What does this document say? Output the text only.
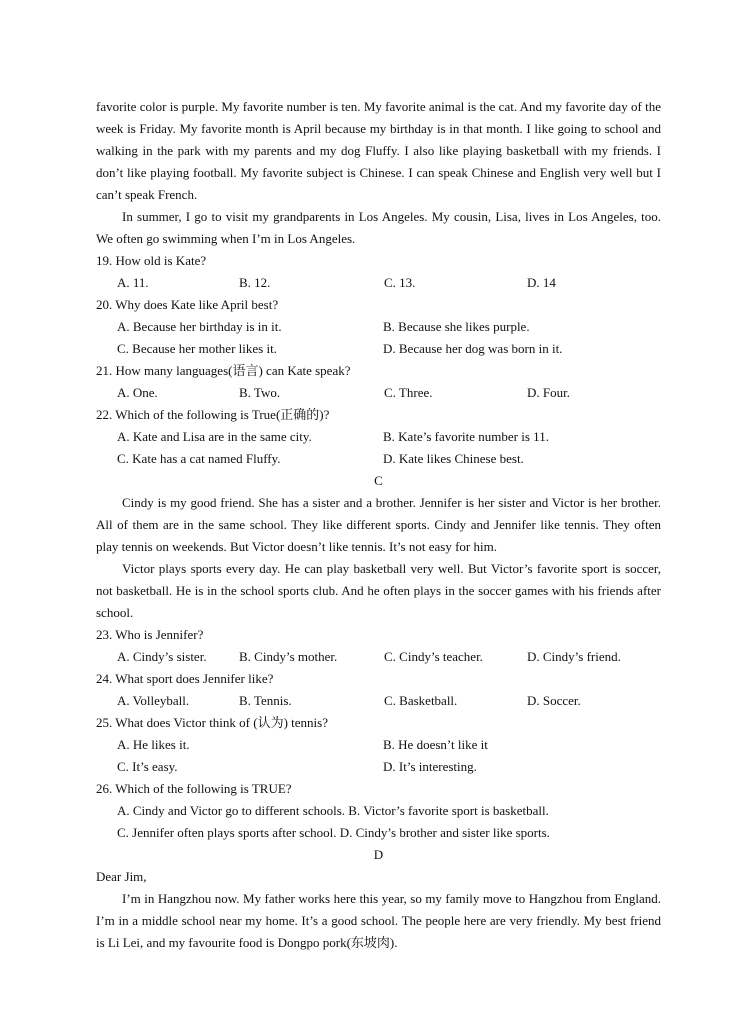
favorite color is purple. My favorite number is ten. My favorite animal is the cat. And my favorite day of the week is Friday. My favorite month is April because my birthday is in that month. I like going to school and walking in the park with my parents and my dog Fluffy. I also like playing basketball with my friends. I don’t like playing football. My favorite subject is Chinese. I can speak Chinese and English very well but I can’t speak French.

In summer, I go to visit my grandparents in Los Angeles. My cousin, Lisa, lives in Los Angeles, too. We often go swimming when I’m in Los Angeles.

19. How old is Kate?

A. 11.	B. 12.	C. 13.	D. 14

20. Why does Kate like April best?

A. Because her birthday is in it.	B. Because she likes purple.
C. Because her mother likes it.	D. Because her dog was born in it.

21. How many languages(语言) can Kate speak?

A. One.	B. Two.	C. Three.	D. Four.

22. Which of the following is True(正确的)?

A. Kate and Lisa are in the same city.	B. Kate’s favorite number is 11.
C. Kate has a cat named Fluffy.	D. Kate likes Chinese best.

C

Cindy is my good friend. She has a sister and a brother. Jennifer is her sister and Victor is her brother. All of them are in the same school. They like different sports. Cindy and Jennifer like tennis. They often play tennis on weekends. But Victor doesn’t like tennis. It’s not easy for him.

Victor plays sports every day. He can play basketball very well. But Victor’s favorite sport is soccer, not basketball. He is in the school sports club. And he often plays in the soccer games with his friends after school.

23. Who is Jennifer?

A. Cindy’s sister.	B. Cindy’s mother.	C. Cindy’s teacher.	D. Cindy’s friend.

24. What sport does Jennifer like?

A. Volleyball.	B. Tennis.	C. Basketball.	D. Soccer.

25. What does Victor think of (认为) tennis?

A. He likes it.	B. He doesn’t like it
C. It’s easy.	D. It’s interesting.

26. Which of the following is TRUE?

A. Cindy and Victor go to different schools. B. Victor’s favorite sport is basketball.
C. Jennifer often plays sports after school. D. Cindy’s brother and sister like sports.

D

Dear Jim,

I’m in Hangzhou now. My father works here this year, so my family move to Hangzhou from England. I’m in a middle school near my home. It’s a good school. The people here are very friendly. My best friend is Li Lei, and my favourite food is Dongpo pork(东坡肉).
